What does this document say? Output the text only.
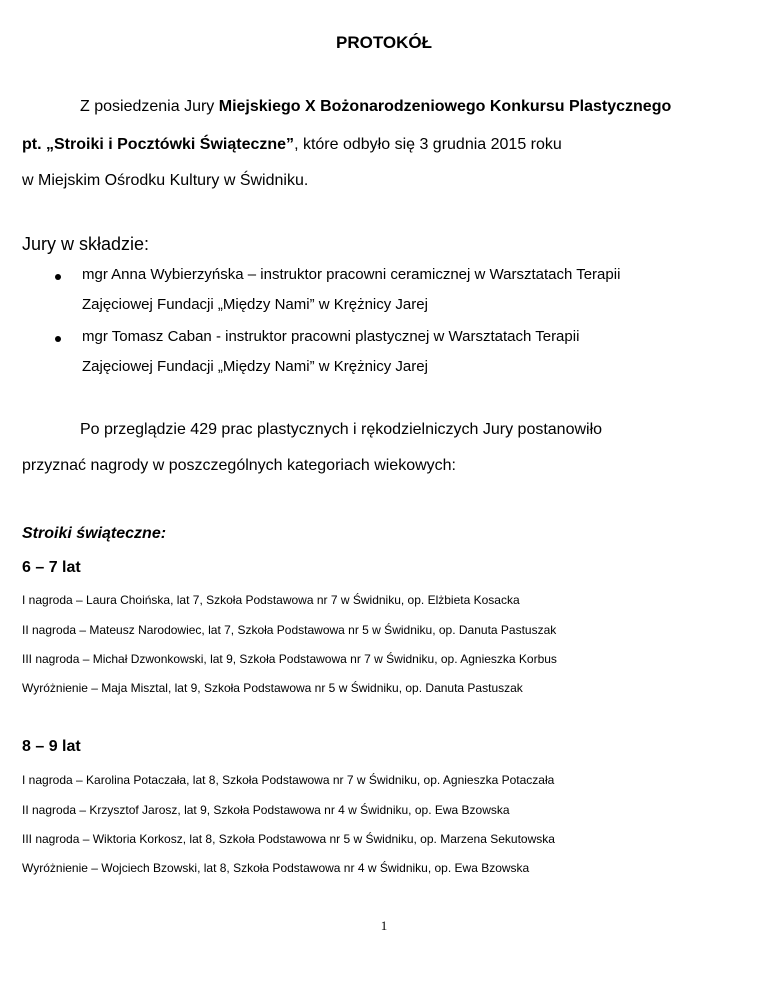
PROTOKÓŁ
Z posiedzenia Jury Miejskiego X Bożonarodzeniowego Konkursu Plastycznego
pt. „Stroiki i Pocztówki Świąteczne”, które odbyło się 3 grudnia 2015 roku
w Miejskim Ośrodku Kultury w Świdniku.
Jury w składzie:
mgr Anna Wybierzyńska – instruktor pracowni ceramicznej w Warsztatach Terapii
Zajęciowej Fundacji „Między Nami” w Krężnicy Jarej
mgr Tomasz Caban - instruktor pracowni plastycznej w Warsztatach Terapii
Zajęciowej Fundacji „Między Nami” w Krężnicy Jarej
Po przeglądzie 429 prac plastycznych i rękodzielniczych Jury postanowiło
przyznać nagrody w poszczególnych kategoriach wiekowych:
Stroiki świąteczne:
6 – 7 lat
I nagroda – Laura Choińska, lat 7, Szkoła Podstawowa nr 7 w Świdniku, op. Elżbieta Kosacka
II nagroda – Mateusz Narodowiec, lat 7, Szkoła Podstawowa nr 5 w Świdniku, op. Danuta Pastuszak
III nagroda – Michał Dzwonkowski, lat 9, Szkoła Podstawowa nr 7 w Świdniku, op. Agnieszka Korbus
Wyróżnienie – Maja Misztal, lat 9, Szkoła Podstawowa nr 5 w Świdniku, op. Danuta Pastuszak
8 – 9 lat
I nagroda – Karolina Potaczała, lat 8, Szkoła Podstawowa nr 7 w Świdniku, op. Agnieszka Potaczała
II nagroda – Krzysztof Jarosz, lat 9, Szkoła Podstawowa nr 4 w Świdniku, op. Ewa Bzowska
III nagroda – Wiktoria Korkosz, lat 8, Szkoła Podstawowa nr 5 w Świdniku, op. Marzena Sekutowska
Wyróżnienie – Wojciech Bzowski, lat 8, Szkoła Podstawowa nr 4 w Świdniku, op. Ewa Bzowska
1
